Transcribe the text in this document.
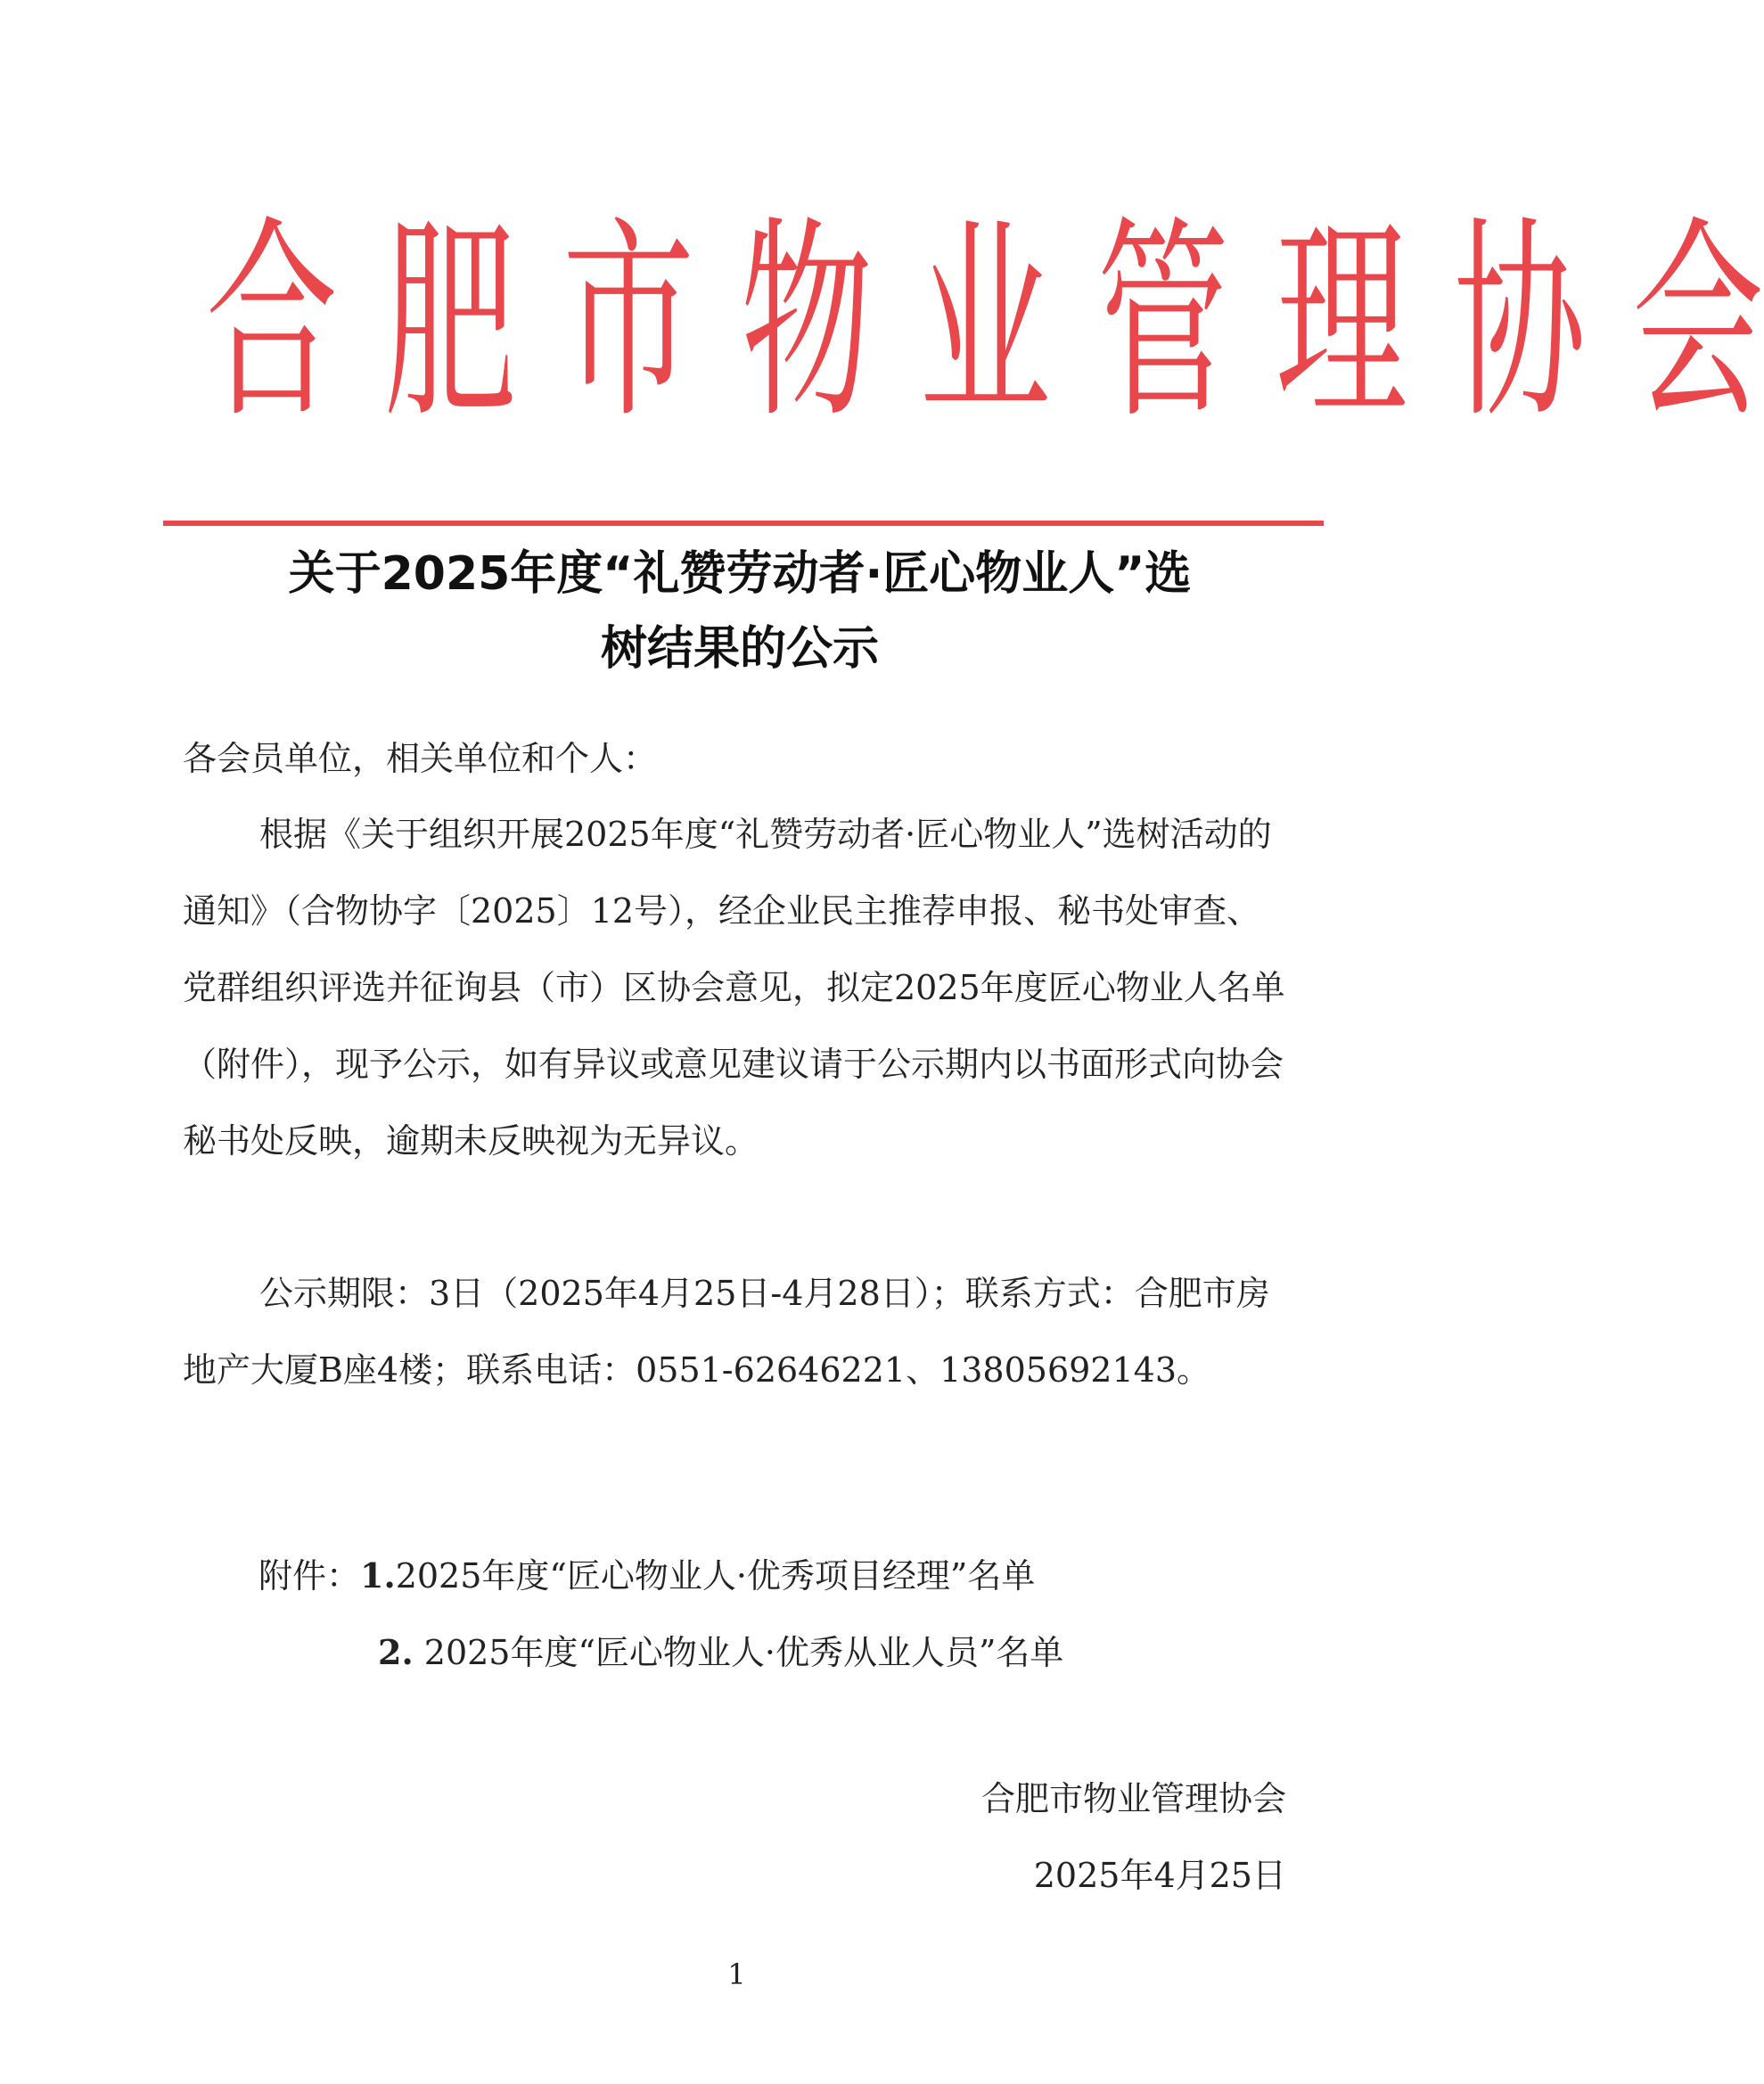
合 肥 市 物 业 管 理 协 会
关于2025年度“礼赞劳动者·匠心物业人”选
树结果的公示
各会员单位，相关单位和个人：
根据《关于组织开展2025年度“礼赞劳动者·匠心物业人”选树活动的通知》（合物协字〔2025〕12号），经企业民主推荐申报、秘书处审查、党群组织评选并征询县（市）区协会意见，拟定2025年度匠心物业人名单（附件），现予公示，如有异议或意见建议请于公示期内以书面形式向协会秘书处反映，逾期未反映视为无异议。
公示期限：3日（2025年4月25日-4月28日）；联系方式：合肥市房地产大厦B座4楼；联系电话：0551-62646221、13805692143。
附件：1.2025年度“匠心物业人·优秀项目经理”名单
2. 2025年度“匠心物业人·优秀从业人员”名单
合肥市物业管理协会
2025年4月25日
1
